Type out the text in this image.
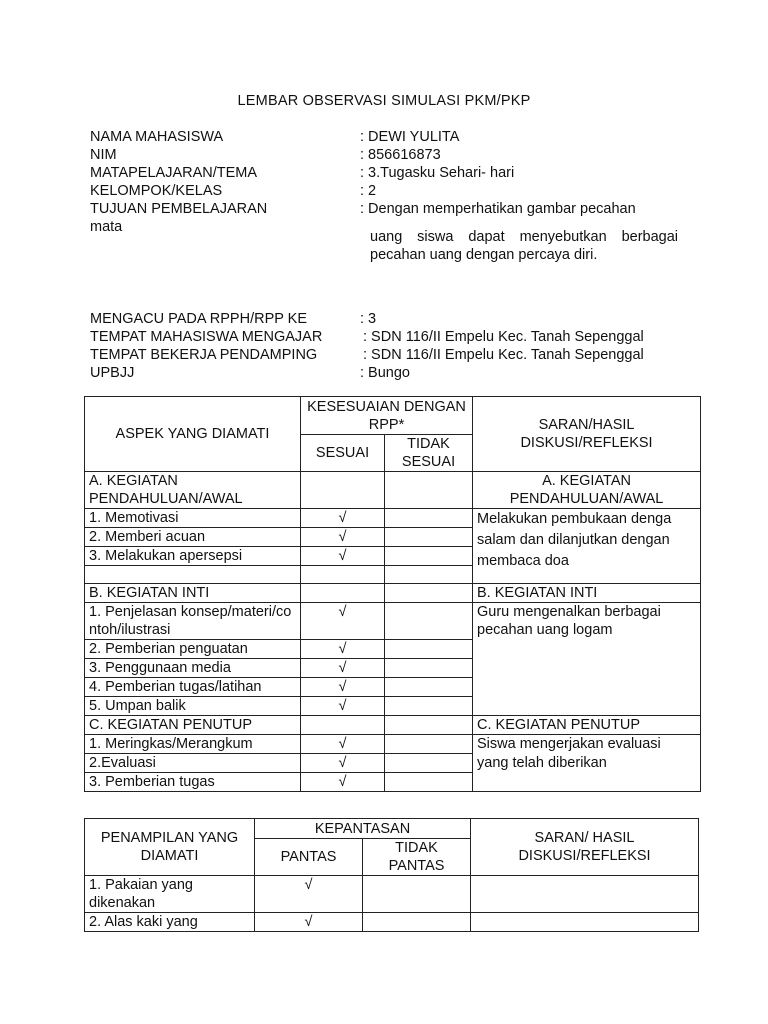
LEMBAR OBSERVASI SIMULASI PKM/PKP
NAMA MAHASISWA	: DEWI YULITA
NIM	: 856616873
MATAPELAJARAN/TEMA	: 3.Tugasku Sehari- hari
KELOMPOK/KELAS	: 2
TUJUAN PEMBELAJARAN
mata
: Dengan memperhatikan gambar pecahan
uang siswa dapat menyebutkan berbagai pecahan uang dengan percaya diri.
MENGACU PADA RPPH/RPP KE	: 3
TEMPAT MAHASISWA MENGAJAR	: SDN 116/II Empelu Kec. Tanah Sepenggal
TEMPAT BEKERJA PENDAMPING	: SDN 116/II Empelu Kec. Tanah Sepenggal
UPBJJ	: Bungo
ASPEK YANG DIAMATI	KESESUAIAN DENGAN RPP*		SARAN/HASIL DISKUSI/REFLEKSI
	SESUAI	TIDAK SESUAI	
A. KEGIATAN PENDAHULUAN/AWAL			A. KEGIATAN PENDAHULUAN/AWAL
1. Memotivasi	√		Melakukan pembukaan denga salam dan dilanjutkan dengan membaca doa
2. Memberi acuan	√		
3. Melakukan apersepsi	√		

B. KEGIATAN INTI			B. KEGIATAN INTI
1. Penjelasan konsep/materi/contoh/ilustrasi	√		Guru mengenalkan berbagai pecahan uang logam
2. Pemberian penguatan	√		
3. Penggunaan media	√		
4. Pemberian tugas/latihan	√		
5. Umpan balik	√		
C. KEGIATAN PENUTUP			C. KEGIATAN PENUTUP
1. Meringkas/Merangkum	√		Siswa mengerjakan evaluasi yang telah diberikan
2.Evaluasi	√		
3. Pemberian tugas	√		
PENAMPILAN YANG DIAMATI	KEPANTASAN		SARAN/ HASIL DISKUSI/REFLEKSI
	PANTAS	TIDAK PANTAS	
1. Pakaian yang dikenakan	√		
2. Alas kaki yang	√		
